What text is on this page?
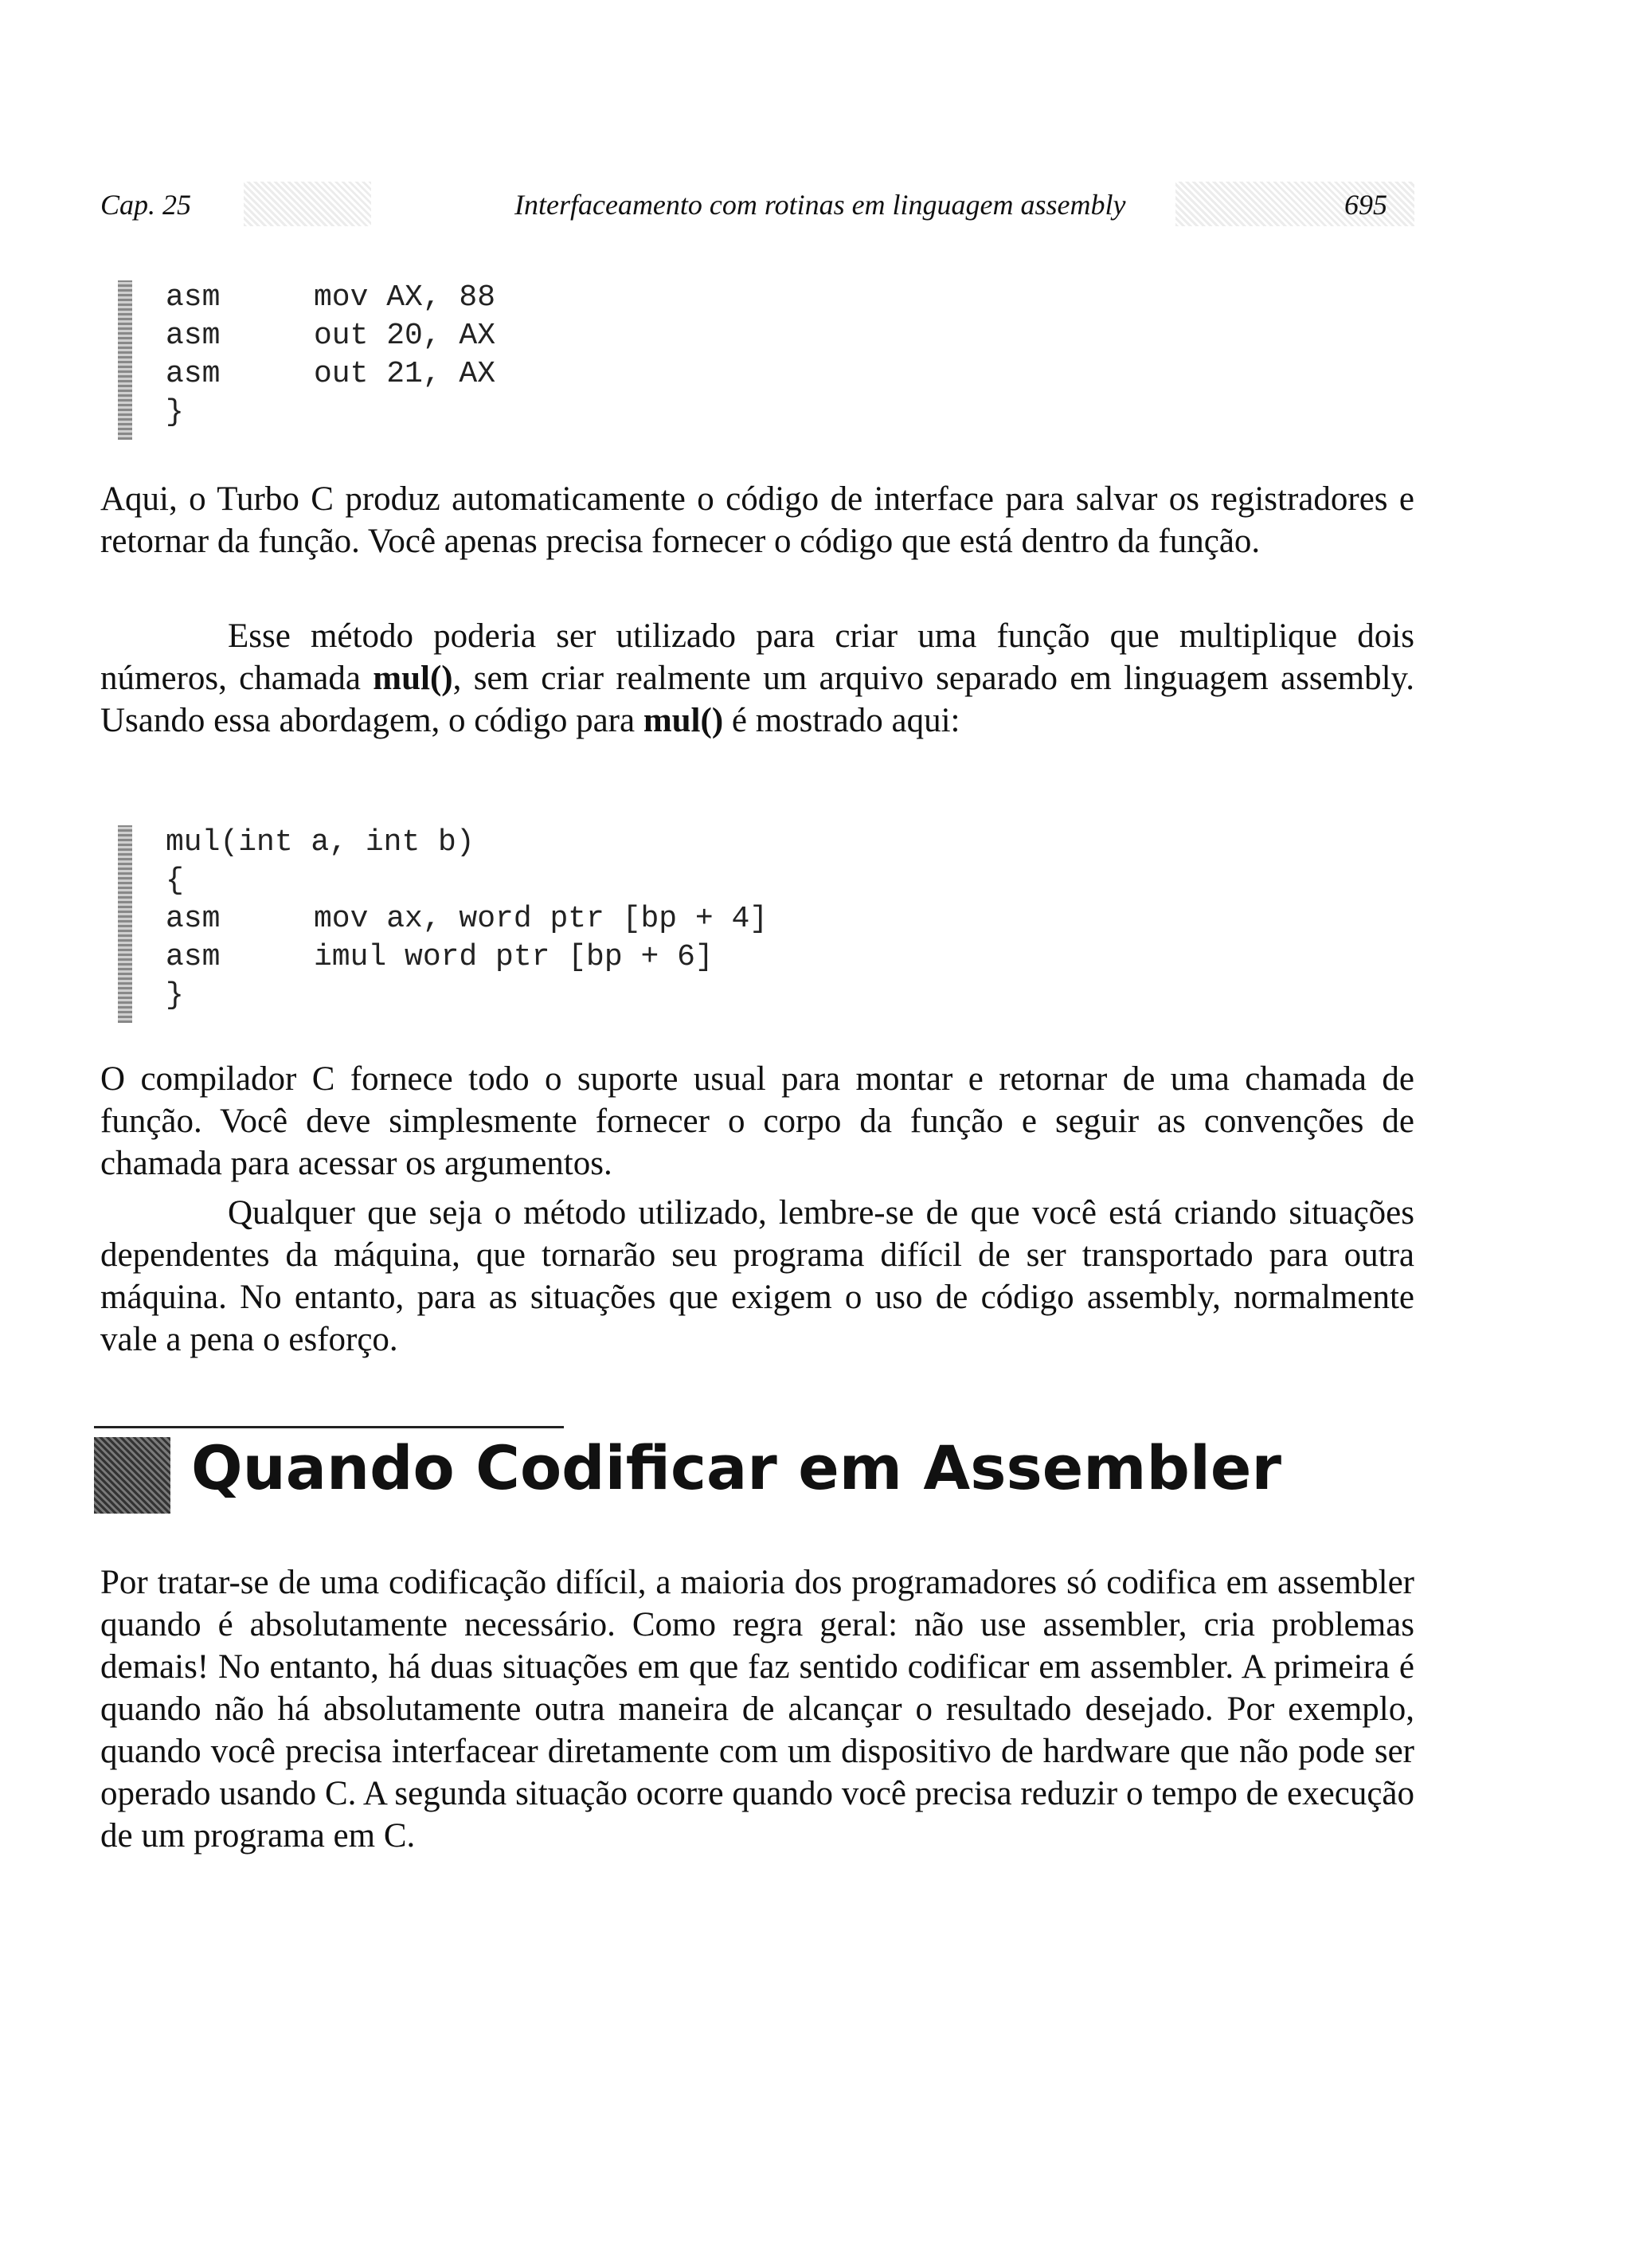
Cap. 25	Interfaceamento com rotinas em linguagem assembly	695
asm	mov AX, 88
asm	out 20, AX
asm	out 21, AX
}
Aqui, o Turbo C produz automaticamente o código de interface para salvar os registradores e retornar da função. Você apenas precisa fornecer o código que está dentro da função.
Esse método poderia ser utilizado para criar uma função que multiplique dois números, chamada mul(), sem criar realmente um arquivo separado em linguagem assembly. Usando essa abordagem, o código para mul() é mostrado aqui:
mul(int a, int b)
{
asm	mov ax, word ptr [bp + 4]
asm	imul word ptr [bp + 6]
}
O compilador C fornece todo o suporte usual para montar e retornar de uma chamada de função. Você deve simplesmente fornecer o corpo da função e seguir as convenções de chamada para acessar os argumentos.
Qualquer que seja o método utilizado, lembre-se de que você está criando situações dependentes da máquina, que tornarão seu programa difícil de ser transportado para outra máquina. No entanto, para as situações que exigem o uso de código assembly, normalmente vale a pena o esforço.
Quando Codificar em Assembler
Por tratar-se de uma codificação difícil, a maioria dos programadores só codifica em assembler quando é absolutamente necessário. Como regra geral: não use assembler, cria problemas demais! No entanto, há duas situações em que faz sentido codificar em assembler. A primeira é quando não há absolutamente outra maneira de alcançar o resultado desejado. Por exemplo, quando você precisa interfacear diretamente com um dispositivo de hardware que não pode ser operado usando C. A segunda situação ocorre quando você precisa reduzir o tempo de execução de um programa em C.
